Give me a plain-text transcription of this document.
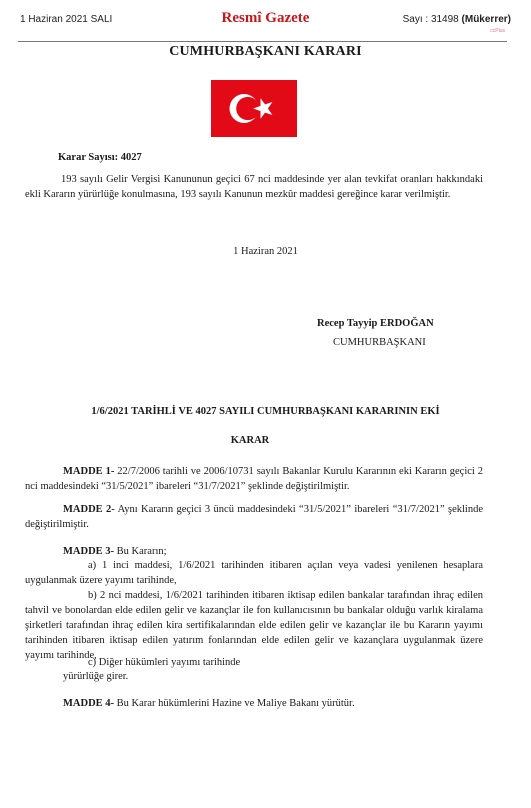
1 Haziran 2021 SALI	Resmî Gazete	Sayı : 31498 (Mükerrer)
ccPlus
CUMHURBAŞKANI KARARI

Karar Sayısı: 4027

193 sayılı Gelir Vergisi Kanununun geçici 67 nci maddesinde yer alan tevkifat oranları hakkındaki ekli Kararın yürürlüğe konulmasına, 193 sayılı Kanunun mezkûr maddesi gereğince karar verilmiştir.

1 Haziran 2021

Recep Tayyip ERDOĞAN
CUMHURBAŞKANI

1/6/2021 TARİHLİ VE 4027 SAYILI CUMHURBAŞKANI KARARININ EKİ

KARAR

MADDE 1- 22/7/2006 tarihli ve 2006/10731 sayılı Bakanlar Kurulu Kararının eki Kararın geçici 2 nci maddesindeki “31/5/2021” ibareleri “31/7/2021” şeklinde değiştirilmiştir.

MADDE 2- Aynı Kararın geçici 3 üncü maddesindeki “31/5/2021” ibareleri “31/7/2021” şeklinde değiştirilmiştir.

MADDE 3- Bu Kararın;

a) 1 inci maddesi, 1/6/2021 tarihinden itibaren açılan veya vadesi yenilenen hesaplara uygulanmak üzere yayımı tarihinde,

b) 2 nci maddesi, 1/6/2021 tarihinden itibaren iktisap edilen bankalar tarafından ihraç edilen tahvil ve bonolardan elde edilen gelir ve kazançlar ile fon kullanıcısının bu bankalar olduğu varlık kiralama şirketleri tarafından ihraç edilen kira sertifikalarından elde edilen gelir ve kazançlar ile bu Kararın yayımı tarihinden itibaren iktisap edilen yatırım fonlarından elde edilen gelir ve kazançlara uygulanmak üzere yayımı tarihinde,

c) Diğer hükümleri yayımı tarihinde

yürürlüğe girer.

MADDE 4- Bu Karar hükümlerini Hazine ve Maliye Bakanı yürütür.
